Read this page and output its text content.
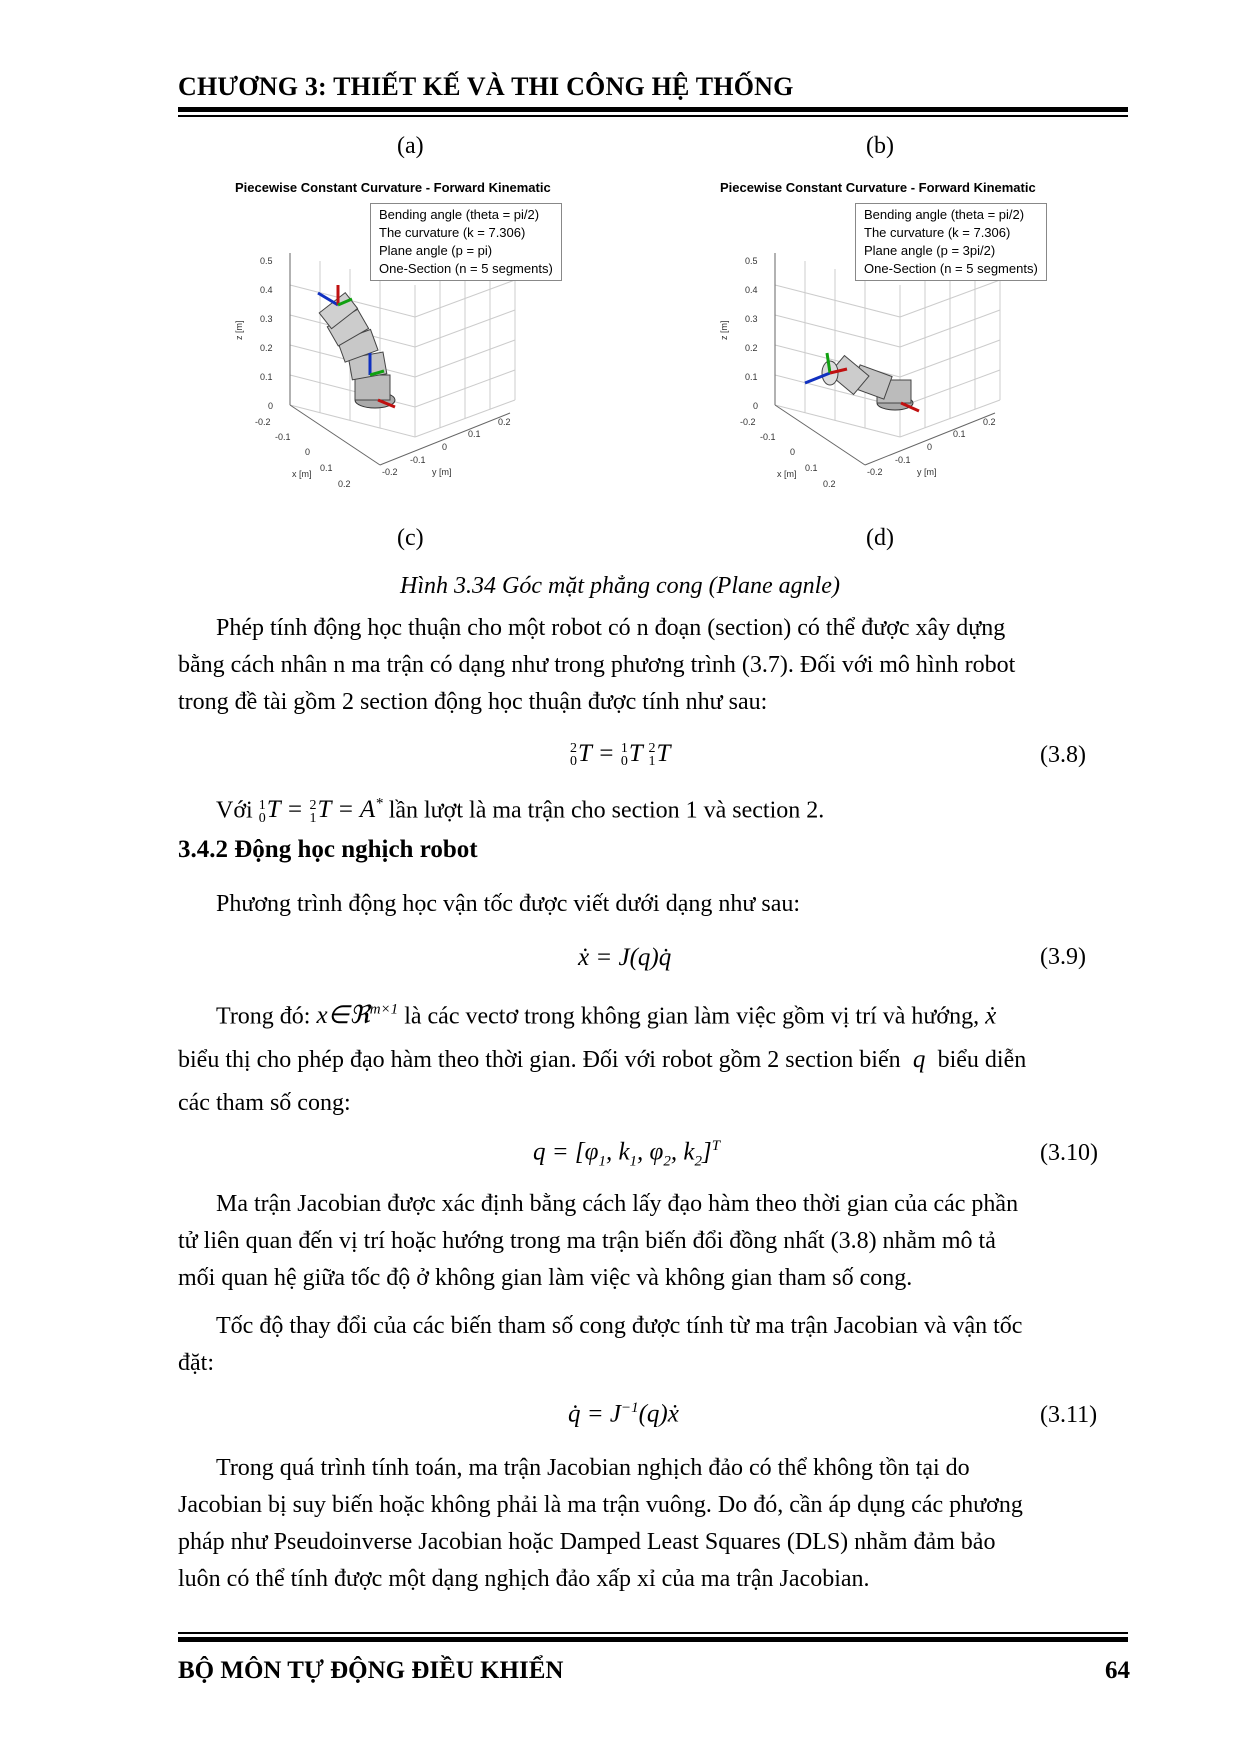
CHƯƠNG 3: THIẾT KẾ VÀ THI CÔNG HỆ THỐNG
(a)	(b)
(c)	(d)
Piecewise Constant Curvature - Forward Kinematic
0
0.1
0.2
0.3
0.4
0.5
z [m]
-0.2
-0.1
0
0.1
0.2
x [m]	-0.2
-0.1
0
0.1
0.2
y [m]
Bending angle (theta = pi/2)
The curvature (k = 7.306)
Plane angle (p = pi)
One-Section (n = 5 segments)
Piecewise Constant Curvature - Forward Kinematic
0
0.1
0.2
0.3
0.4
0.5
z [m]
-0.2
-0.1
0
0.1
0.2
x [m]	-0.2
-0.1
0
0.1
0.2
y [m]
Bending angle (theta = pi/2)
The curvature (k = 7.306)
Plane angle (p = 3pi/2)
One-Section (n = 5 segments)
Hình 3.34 Góc mặt phẳng cong (Plane agnle)
Phép tính động học thuận cho một robot có n đoạn (section) có thể được xây dựng
bằng cách nhân n ma trận có dạng như trong phương trình (3.7). Đối với mô hình robot
trong đề tài gồm 2 section động học thuận được tính như sau:
2
0 T = 1
0 T 2
1 T	(3.8)
Với 1
0 T = 2
1 T = A* lần lượt là ma trận cho section 1 và section 2.
3.4.2 Động học nghịch robot
Phương trình động học vận tốc được viết dưới dạng như sau:
ẋ = J(q)q̇	(3.9)
Trong đó: x∈ℜ$^{m\times 1}$ là các vectơ trong không gian làm việc gồm vị trí và hướng, ẋ
biểu thị cho phép đạo hàm theo thời gian. Đối với robot gồm 2 section biến  q  biểu diễn
các tham số cong:
$q = [\varphi_1$, $k_1$, $\varphi_2$, $k_2]^T$	(3.10)
Ma trận Jacobian được xác định bằng cách lấy đạo hàm theo thời gian của các phần
tử liên quan đến vị trí hoặc hướng trong ma trận biến đổi đồng nhất (3.8) nhằm mô tả
mối quan hệ giữa tốc độ ở không gian làm việc và không gian tham số cong.
Tốc độ thay đổi của các biến tham số cong được tính từ ma trận Jacobian và vận tốc
đặt:
q̇ = $J^{-1}(q)ẋ$	(3.11)
Trong quá trình tính toán, ma trận Jacobian nghịch đảo có thể không tồn tại do
Jacobian bị suy biến hoặc không phải là ma trận vuông. Do đó, cần áp dụng các phương
pháp như Pseudoinverse Jacobian hoặc Damped Least Squares (DLS) nhằm đảm bảo
luôn có thể tính được một dạng nghịch đảo xấp xỉ của ma trận Jacobian.
BỘ MÔN TỰ ĐỘNG ĐIỀU KHIỂN	64
